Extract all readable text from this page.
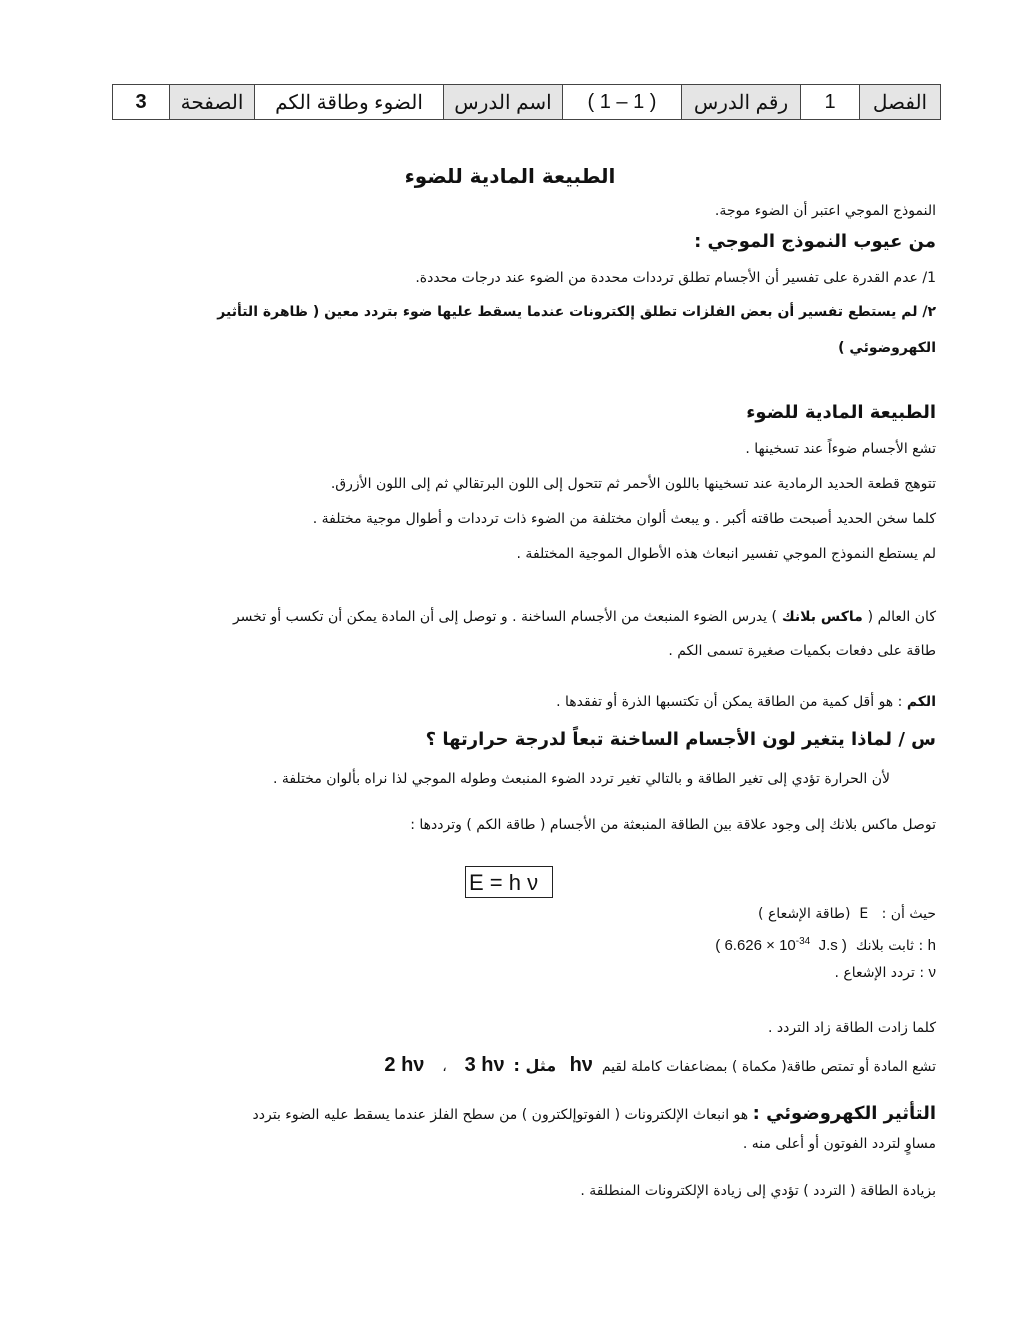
الفصل	1	رقم الدرس	( 1 – 1 )	اسم الدرس	الضوء وطاقة الكم	الصفحة	3
الطبيعة المادية للضوء
النموذج الموجي اعتبر أن الضوء موجة.
من عيوب النموذج الموجي :
1/ عدم القدرة على تفسير أن الأجسام تطلق ترددات محددة من الضوء عند درجات محددة.
٢/ لم يستطع تفسير أن بعض الفلزات تطلق إلكترونات عندما يسقط عليها ضوء بتردد معين ( ظاهرة التأثير
الكهروضوئي )
الطبيعة المادية للضوء
تشع الأجسام ضوءاً عند تسخينها .
تتوهج قطعة الحديد الرمادية عند تسخينها باللون الأحمر ثم تتحول إلى اللون البرتقالي ثم إلى اللون الأزرق.
كلما سخن الحديد أصبحت طاقته أكبر . و يبعث ألوان مختلفة من الضوء ذات ترددات و أطوال موجية مختلفة .
لم يستطع النموذج الموجي تفسير انبعاث هذه الأطوال الموجية المختلفة .
كان العالم ( ماكس بلانك ) يدرس الضوء المنبعث من الأجسام الساخنة . و توصل إلى أن المادة يمكن أن تكسب أو تخسر
طاقة على دفعات بكميات صغيرة تسمى الكم .
الكم : هو أقل كمية من الطاقة يمكن أن تكتسبها الذرة أو تفقدها .
س / لماذا يتغير لون الأجسام الساخنة تبعاً لدرجة حرارتها ؟
لأن الحرارة تؤدي إلى تغير الطاقة و بالتالي تغير تردد الضوء المنبعث وطوله الموجي لذا نراه بألوان مختلفة .
توصل ماكس بلانك إلى وجود علاقة بين الطاقة المنبعثة من الأجسام ( طاقة الكم ) وترددها :
E = h ν
حيث أن :   E  (طاقة الإشعاع )
h : ثابت بلانك  ( $6.626 \times 10^{-34}$ J.s )
ν : تردد الإشعاع .
كلما زادت الطاقة زاد التردد .
تشع المادة أو تمتص طاقة( مكماة ) بمضاعفات كاملة لقيم  hν   مثل :  2 hν ، 3 hν
التأثير الكهروضوئي : هو انبعاث الإلكترونات ( الفوتوإلكترون ) من سطح الفلز عندما يسقط عليه الضوء بتردد
مساوٍ لتردد الفوتون أو أعلى منه .
بزيادة الطاقة ( التردد ) تؤدي إلى زيادة الإلكترونات المنطلقة .
